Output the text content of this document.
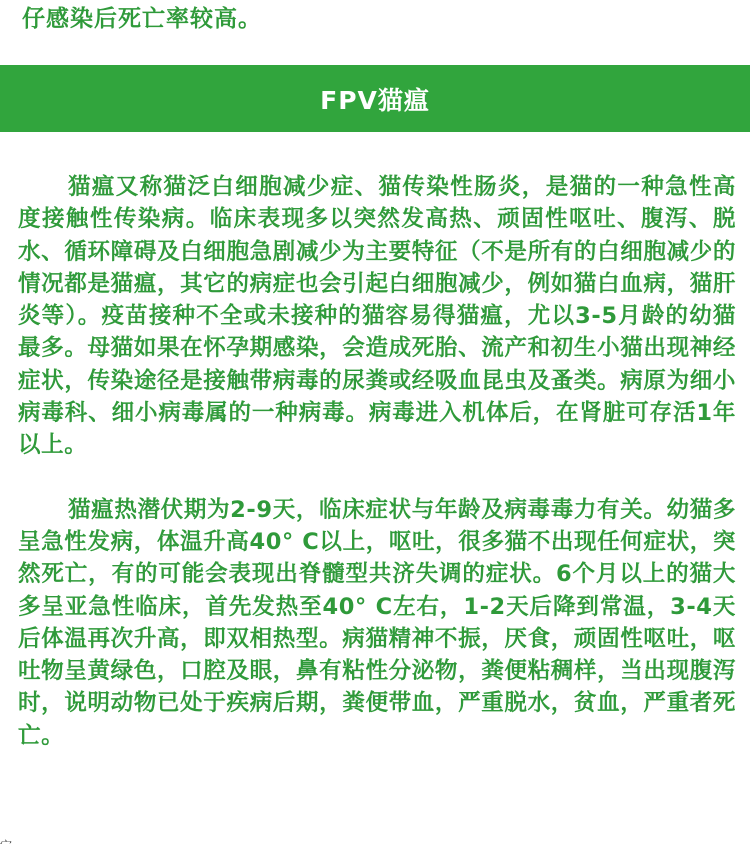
仔感染后死亡率较高。
FPV猫瘟

猫瘟又称猫泛白细胞减少症、猫传染性肠炎，是猫的一种急性高度接触性传染病。临床表现多以突然发高热、顽固性呕吐、腹泻、脱水、循环障碍及白细胞急剧减少为主要特征（不是所有的白细胞减少的情况都是猫瘟，其它的病症也会引起白细胞减少，例如猫白血病，猫肝炎等）。疫苗接种不全或未接种的猫容易得猫瘟，尤以3-5月龄的幼猫最多。母猫如果在怀孕期感染，会造成死胎、流产和初生小猫出现神经症状，传染途径是接触带病毒的尿粪或经吸血昆虫及蚤类。病原为细小病毒科、细小病毒属的一种病毒。病毒进入机体后，在肾脏可存活1年以上。

猫瘟热潜伏期为2-9天，临床症状与年龄及病毒毒力有关。幼猫多呈急性发病，体温升高40° C以上，呕吐，很多猫不出现任何症状，突然死亡，有的可能会表现出脊髓型共济失调的症状。6个月以上的猫大多呈亚急性临床，首先发热至40° C左右，1-2天后降到常温，3-4天后体温再次升高，即双相热型。病猫精神不振，厌食，顽固性呕吐，呕吐物呈黄绿色，口腔及眼，鼻有粘性分泌物，粪便粘稠样，当出现腹泻时，说明动物已处于疾病后期，粪便带血，严重脱水，贫血，严重者死亡。

宀
